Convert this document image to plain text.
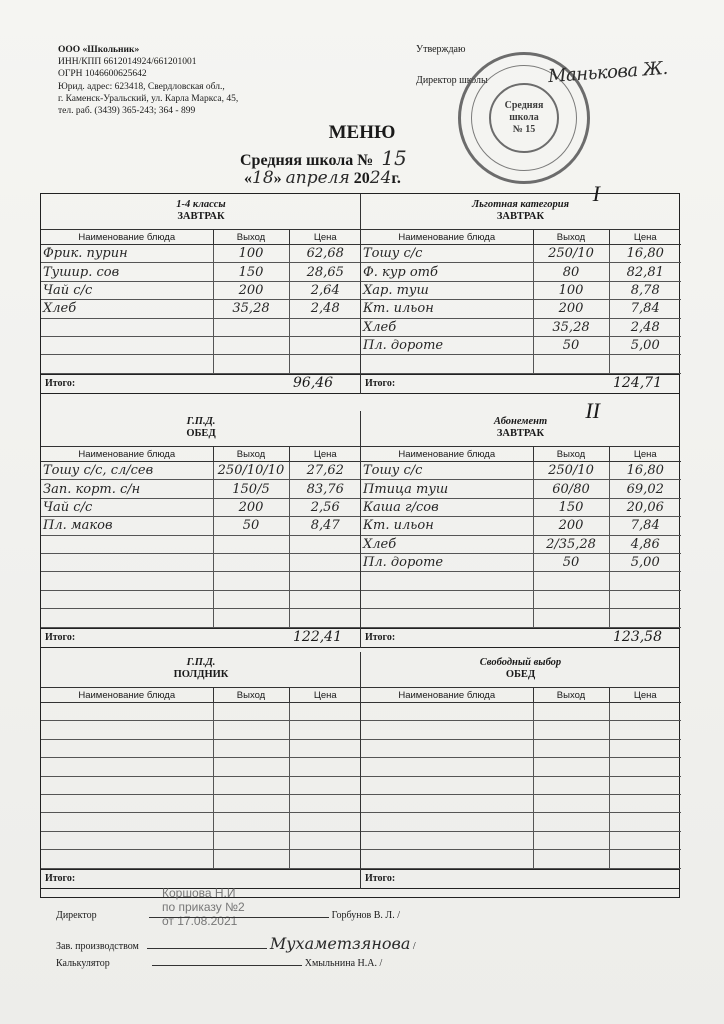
ООО «Школьник»
ИНН/КПП 6612014924/661201001
ОГРН 1046600625642
Юрид. адрес: 623418, Свердловская обл.,
г. Каменск-Уральский, ул. Карла Маркса, 45,
тел. раб. (3439) 365-243; 364 - 899
Утверждаю
Директор школы
Средняя
школа
№ 15
Манькова Ж.
МЕНЮ
Средняя школа № 15
«18» апреля 2024г.
1-4 классы
ЗАВТРАК
Наименование блюда	Выход	Цена
Фрик. пурин	100	62,68
Тушир. сов	150	28,65
Чай с/с	200	2,64
Хлеб	35,28	2,48

Итого:	96,46
Льготная категория
ЗАВТРАК
I
Наименование блюда	Выход	Цена
Тошу с/с	250/10	16,80
Ф. кур отб	80	82,81
Хар. туш	100	8,78
Кт. ильон	200	7,84
Хлеб	35,28	2,48
Пл. дороте	50	5,00

Итого:	124,71
Г.П.Д.
ОБЕД
Наименование блюда	Выход	Цена
Тошу с/с, сл/сев	250/10/10	27,62
Зап. корт. с/н	150/5	83,76
Чай с/с	200	2,56
Пл. маков	50	8,47

Итого:	122,41
Абонемент
ЗАВТРАК
II
Наименование блюда	Выход	Цена
Тошу с/с	250/10	16,80
Птица туш	60/80	69,02
Каша г/сов	150	20,06
Кт. ильон	200	7,84
Хлеб	2/35,28	4,86
Пл. дороте	50	5,00

Итого:	123,58
Г.П.Д.
ПОЛДНИК
Наименование блюда	Выход	Цена

Итого:
Свободный выбор
ОБЕД
Наименование блюда	Выход	Цена

Итого:
Коршова Н.И
по приказу №2
от 17.08.2021
Директор	Горбунов В. Л. /
Зав. производством	Мухаметзянова /
Калькулятор	Хмыльнина Н.А. /
